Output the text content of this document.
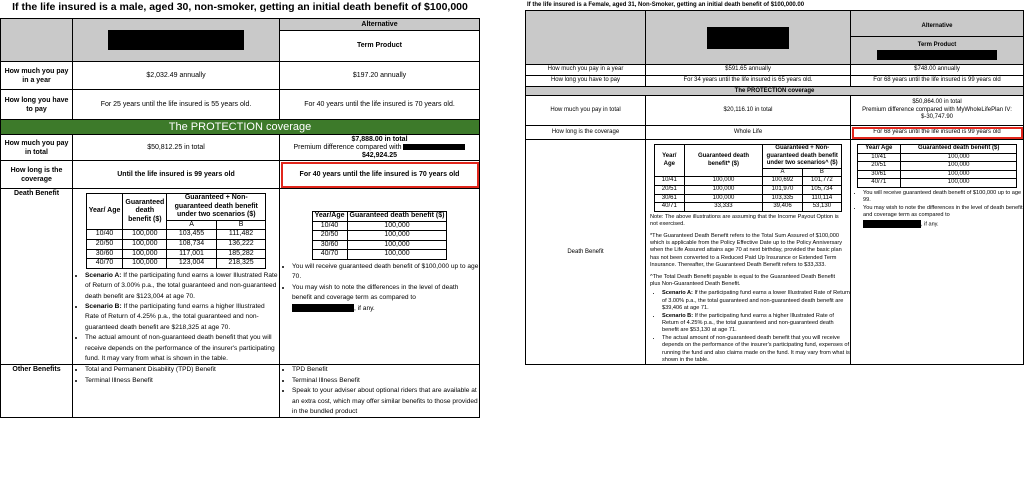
If the life insured is a male, aged 30, non-smoker, getting an initial death benefit of $100,000

Alternative
Term Product

How much you pay in a year	$2,032.49 annually	$197.20 annually
How long you have to pay	For 25 years until the life insured is 55 years old.	For 40 years until the life insured is 70 years old.
The PROTECTION coverage
How much you pay in total	$50,812.25 in total	
$7,888.00 in total
Premium difference compared with
$42,924.25

How long is the coverage	Until the life insured is 99 years old	For 40 years until the life insured is 70 years old
Death Benefit	
Year/ Age	Guaranteed death benefit ($)	Guaranteed + Non-guaranteed death benefit under two scenarios ($)
A	B
10/40	100,000	103,455	111,482
20/50	100,000	108,734	136,222
30/60	100,000	117,001	185,282
40/70	100,000	123,004	218,325
• Scenario A: If the participating fund earns a lower Illustrated Rate of Return of 3.00% p.a., the total guaranteed and non-guaranteed death benefit are $123,004 at age 70.
• Scenario B: If the participating fund earns a higher Illustrated Rate of Return of 4.25% p.a., the total guaranteed and non-guaranteed death benefit are $218,325 at age 70.
• The actual amount of non-guaranteed death benefit that you will receive depends on the performance of the insurer's participating fund. It may vary from what is shown in the table.

Year/Age	Guaranteed death benefit ($)
10/40	100,000
20/50	100,000
30/60	100,000
40/70	100,000
• You will receive guaranteed death benefit of $100,000 up to age 70.
• You may wish to note the differences in the level of death benefit and coverage term as compared to
, if any.

Other Benefits	
•Total and Permanent Disability (TPD) Benefit
• Terminal Illness Benefit

• TPD Benefit
• Terminal Illness Benefit
• Speak to your adviser about optional riders that are available at an extra cost, which may offer similar benefits to those provided in the bundled product
If the life insured is a Female, aged 31, Non-Smoker, getting an initial death benefit of $100,000.00

Alternative
Term Product

How much you pay in a year	$591.65 annually	$748.00 annually
How long you have to pay	For 34 years until the life insured is 65 years old.	For 68 years until the life insured is 99 years old
The PROTECTION coverage
How much you pay in total	$20,116.10 in total	
$50,864.00 in total
Premium difference compared with MyWholeLifePlan IV:
$-30,747.90

How long is the coverage	Whole Life	For 68 years until the life insured is 99 years old
Death Benefit	
Year/ Age	Guaranteed death benefit* ($)	Guaranteed + Non-guaranteed death benefit under two scenarios^ ($)
A	B
10/41	100,000	100,692	101,772
20/51	100,000	101,970	105,734
30/61	100,000	103,335	110,114
40/71	33,333	39,406	53,130
Note: The above illustrations are assuming that the Income Payout Option is not exercised.
*The Guaranteed Death Benefit refers to the Total Sum Assured of $100,000 which is applicable from the Policy Effective Date up to the Policy Anniversary when the Life Assured attains age 70 at next birthday, provided the basic plan has not been converted to a Reduced Paid Up Insurance or Extended Term Insurance. Thereafter, the Guaranteed Death Benefit refers to $33,333.
^The Total Death Benefit payable is equal to the Guaranteed Death Benefit plus Non-Guaranteed Death Benefit.
• Scenario A: If the participating fund earns a lower Illustrated Rate of Return of 3.00% p.a., the total guaranteed and non-guaranteed death benefit are $39,406 at age 71.
• Scenario B: If the participating fund earns a higher Illustrated Rate of Return of 4.25% p.a., the total guaranteed and non-guaranteed death benefit are $53,130 at age 71.
• The actual amount of non-guaranteed death benefit that you will receive depends on the performance of the insurer's participating fund, expenses of running the fund and also claims made on the fund. It may vary from what is shown in the table.

Year/ Age	Guaranteed death benefit ($)
10/41	100,000
20/51	100,000
30/61	100,000
40/71	100,000
• You will receive guaranteed death benefit of $100,000 up to age 99.
• You may wish to note the differences in the level of death benefit and coverage term as compared to
, if any.
